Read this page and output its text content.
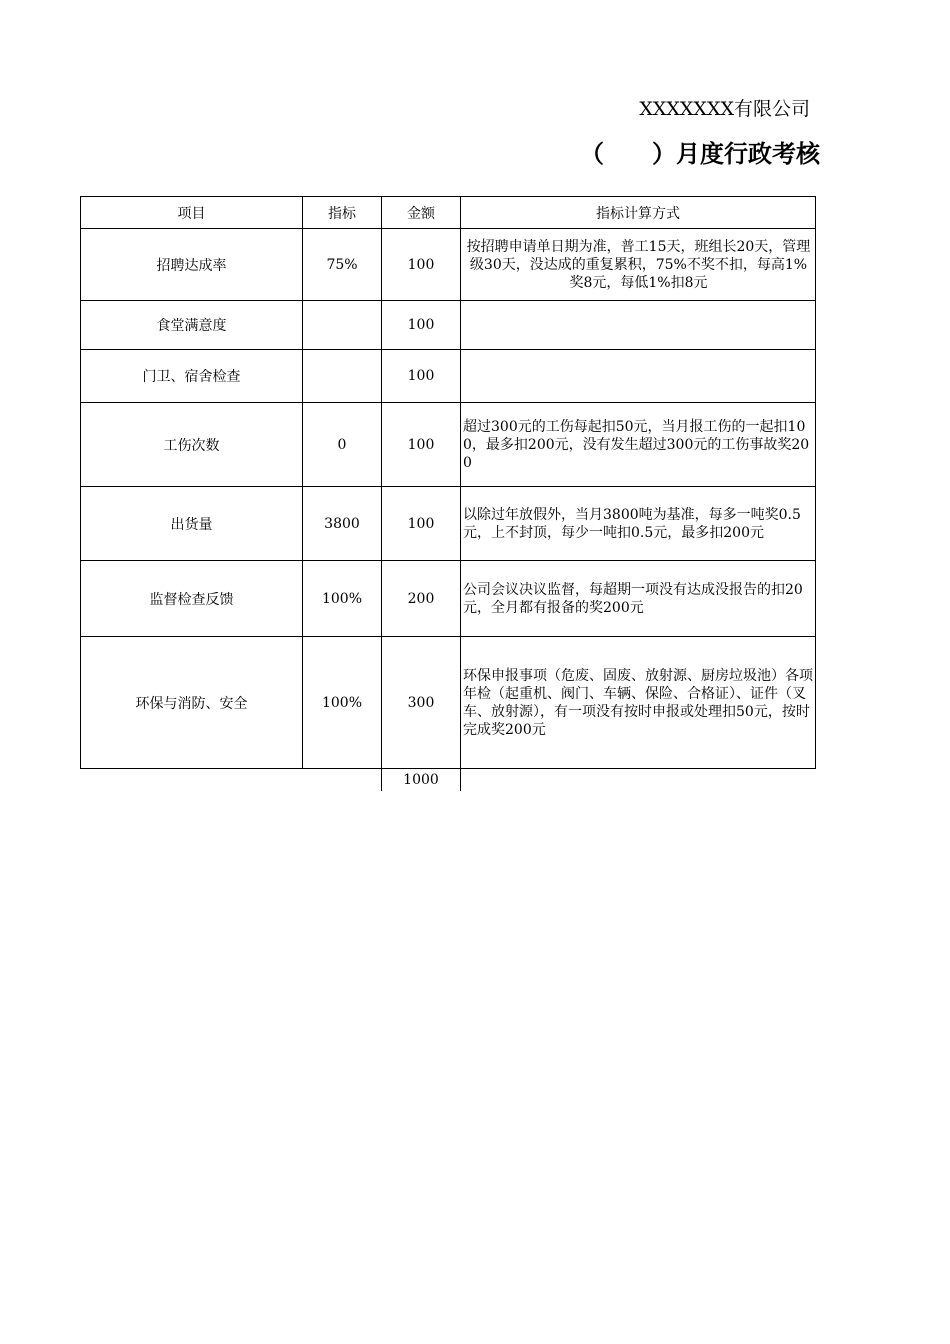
XXXXXXX有限公司
（　　）月度行政考核
项目	指标	金额	指标计算方式
招聘达成率	75%	100	按招聘申请单日期为准，普工15天，班组长20天，管理级30天，没达成的重复累积，75%不奖不扣，每高1%奖8元，每低1%扣8元
食堂满意度		100	
门卫、宿舍检查		100	
工伤次数	0	100	超过300元的工伤每起扣50元，当月报工伤的一起扣100，最多扣200元，没有发生超过300元的工伤事故奖200
出货量	3800	100	以除过年放假外，当月3800吨为基准，每多一吨奖0.5元，上不封顶，每少一吨扣0.5元，最多扣200元
监督检查反馈	100%	200	公司会议决议监督，每超期一项没有达成没报告的扣20元，全月都有报备的奖200元
环保与消防、安全	100%	300	环保申报事项（危废、固废、放射源、厨房垃圾池）各项年检（起重机、阀门、车辆、保险、合格证）、证件（叉车、放射源），有一项没有按时申报或处理扣50元，按时完成奖200元
		1000	
